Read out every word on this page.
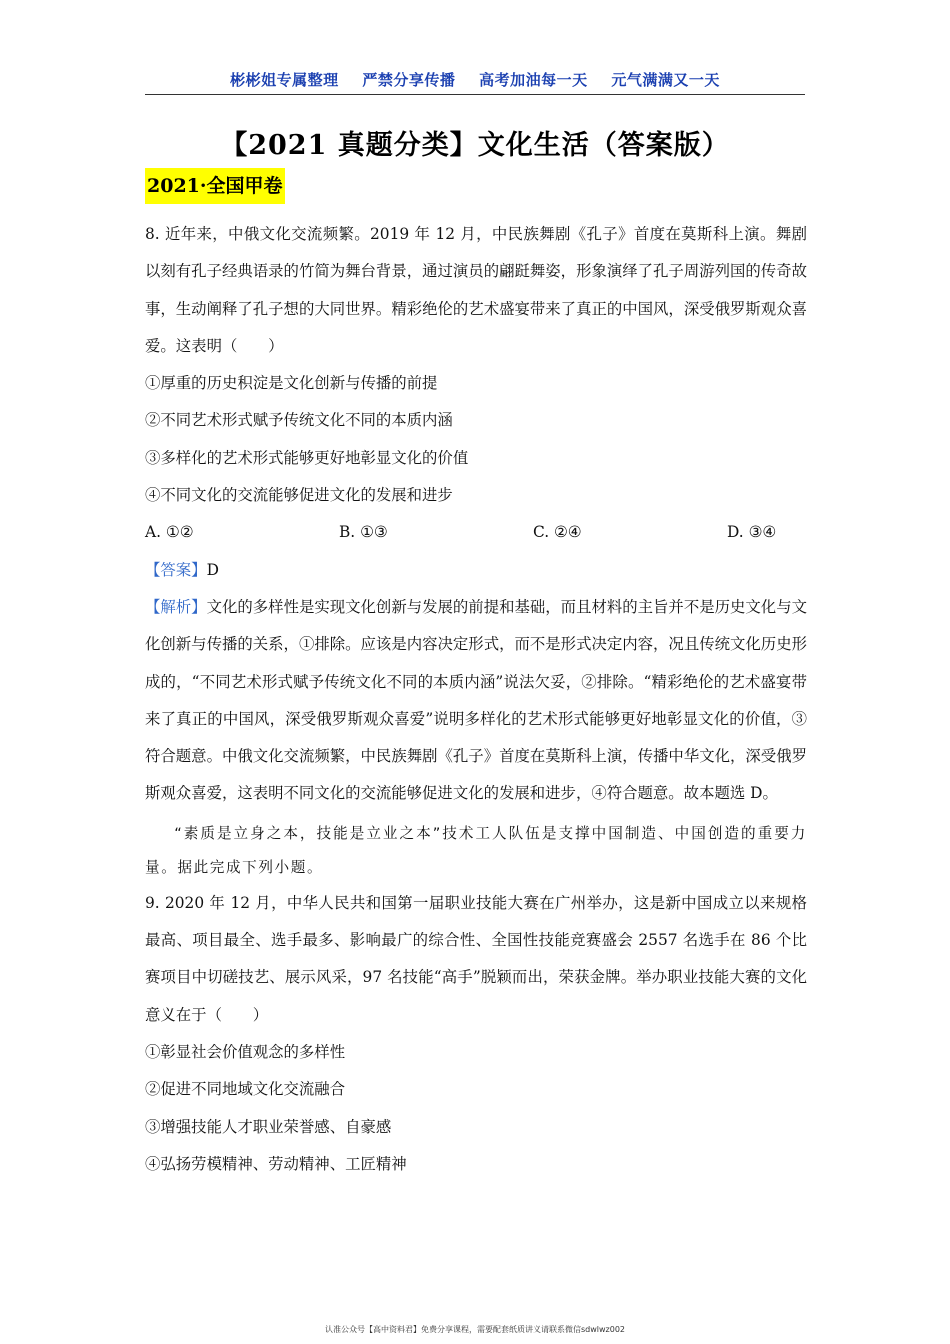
彬彬姐专属整理 严禁分享传播 高考加油每一天 元气满满又一天
【2021 真题分类】文化生活（答案版）
2021·全国甲卷

8. 近年来，中俄文化交流频繁。2019 年 12 月，中民族舞剧《孔子》首度在莫斯科上演。舞剧以刻有孔子经典语录的竹简为舞台背景，通过演员的翩跹舞姿，形象演绎了孔子周游列国的传奇故事，生动阐释了孔子想的大同世界。精彩绝伦的艺术盛宴带来了真正的中国风，深受俄罗斯观众喜爱。这表明（　　）

①厚重的历史积淀是文化创新与传播的前提

②不同艺术形式赋予传统文化不同的本质内涵

③多样化的艺术形式能够更好地彰显文化的价值

④不同文化的交流能够促进文化的发展和进步

A. ①②	B. ①③	C. ②④	D. ③④

【答案】D

【解析】文化的多样性是实现文化创新与发展的前提和基础，而且材料的主旨并不是历史文化与文化创新与传播的关系，①排除。应该是内容决定形式，而不是形式决定内容，况且传统文化历史形成的，“不同艺术形式赋予传统文化不同的本质内涵”说法欠妥，②排除。“精彩绝伦的艺术盛宴带来了真正的中国风，深受俄罗斯观众喜爱”说明多样化的艺术形式能够更好地彰显文化的价值，③符合题意。中俄文化交流频繁，中民族舞剧《孔子》首度在莫斯科上演，传播中华文化，深受俄罗斯观众喜爱，这表明不同文化的交流能够促进文化的发展和进步，④符合题意。故本题选 D。

“素质是立身之本，技能是立业之本”技术工人队伍是支撑中国制造、中国创造的重要力量。据此完成下列小题。

9. 2020 年 12 月，中华人民共和国第一届职业技能大赛在广州举办，这是新中国成立以来规格最高、项目最全、选手最多、影响最广的综合性、全国性技能竞赛盛会 2557 名选手在 86 个比赛项目中切磋技艺、展示风采，97 名技能“高手”脱颖而出，荣获金牌。举办职业技能大赛的文化意义在于（　　）

①彰显社会价值观念的多样性

②促进不同地域文化交流融合

③增强技能人才职业荣誉感、自豪感

④弘扬劳模精神、劳动精神、工匠精神

认准公众号【高中资料君】免费分享课程，需要配套纸质讲义请联系微信sdwlwz002
